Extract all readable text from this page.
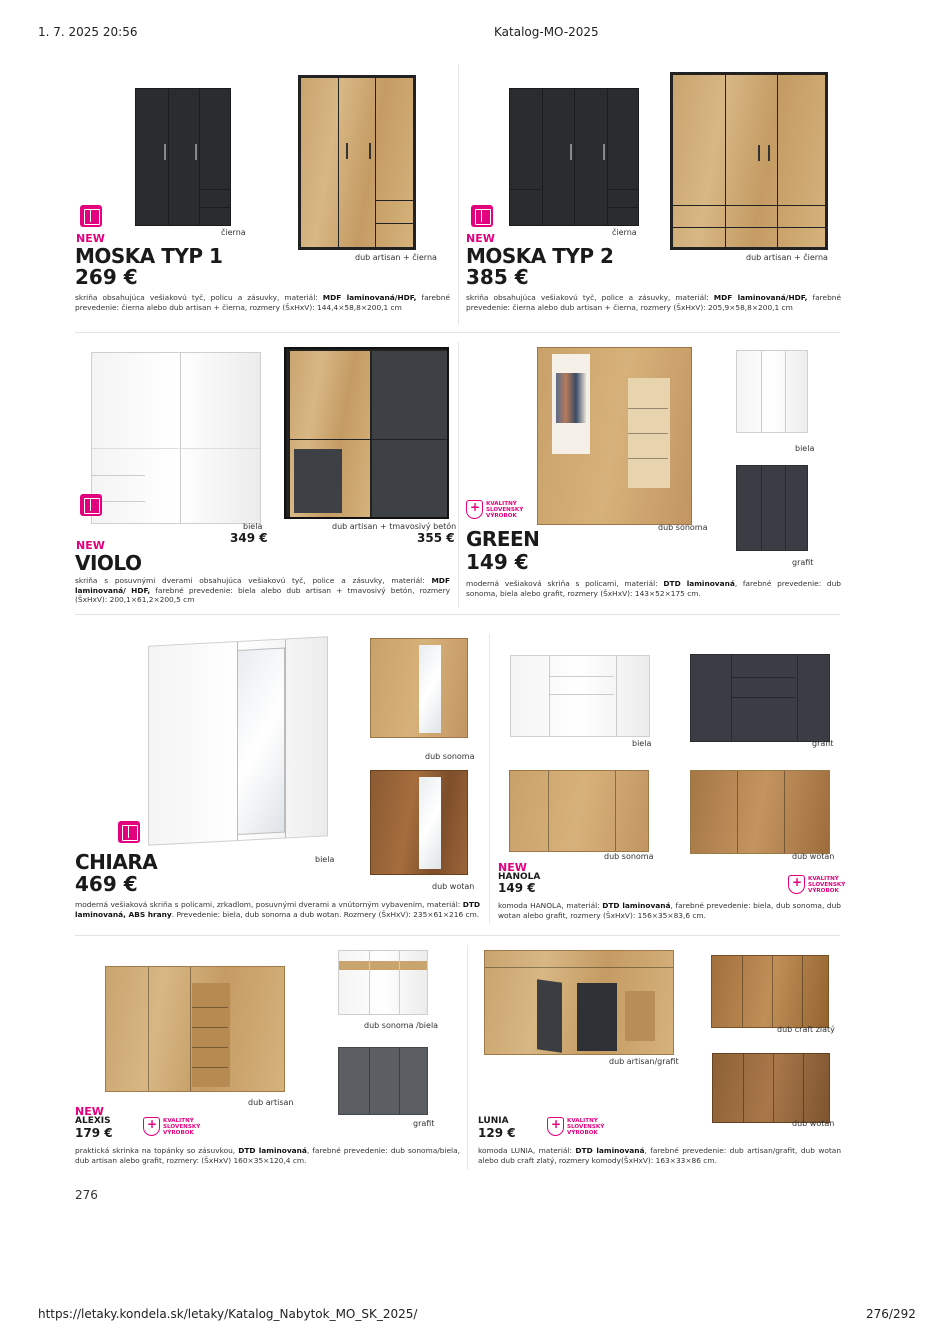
1. 7. 2025 20:56	Katalog-MO-2025
NEW	čierna
dub artisan + čierna
MOSKA TYP 1
269 €
skriňa obsahujúca vešiakovú tyč, policu a zásuvky, materiál: MDF laminovaná/HDF, farebné prevedenie: čierna alebo dub artisan + čierna, rozmery (ŠxHxV): 144,4×58,8×200,1 cm
NEW	čierna
dub artisan + čierna
MOSKA TYP 2
385 €
skriňa obsahujúca vešiakovú tyč, police a zásuvky, materiál: MDF laminovaná/HDF, farebné prevedenie: čierna alebo dub artisan + čierna, rozmery (ŠxHxV): 205,9×58,8×200,1 cm
biela
349 €
dub artisan + tmavosivý betón
355 €
NEW
VIOLO
skriňa s posuvnými dverami obsahujúca vešiakovú tyč, police a zásuvky, materiál: MDF laminovaná/ HDF, farebné prevedenie: biela alebo dub artisan + tmavosivý betón, rozmery (ŠxHxV): 200,1×61,2×200,5 cm
+
KVALITNÝ
SLOVENSKÝ
VÝROBOK
dub sonoma
biela
grafit
GREEN
149 €
moderná vešiaková skriňa s policami, materiál: DTD laminovaná, farebné prevedenie: dub sonoma, biela alebo grafit, rozmery (ŠxHxV): 143×52×175 cm.
dub sonoma
biela
dub wotan
CHIARA
469 €
moderná vešiaková skriňa s policami, zrkadlom, posuvnými dverami a vnútorným vybavením, materiál: DTD laminovaná, ABS hrany. Prevedenie: biela, dub sonoma a dub wotan. Rozmery (ŠxHxV): 235×61×216 cm.
biela	grafit
dub sonoma	dub wotan
NEW
HANOLA
149 €
+
KVALITNÝ
SLOVENSKÝ
VÝROBOK
komoda HANOLA, materiál: DTD laminovaná, farebné prevedenie: biela, dub sonoma, dub wotan alebo grafit, rozmery (ŠxHxV): 156×35×83,6 cm.
dub sonoma /biela
dub artisan
grafit
NEW
ALEXIS
179 €
+
KVALITNÝ
SLOVENSKÝ
VÝROBOK
praktická skrinka na topánky so zásuvkou, DTD laminovaná, farebné prevedenie: dub sonoma/biela, dub artisan alebo grafit, rozmery: (ŠxHxV) 160×35×120,4 cm.
dub craft zlatý
dub artisan/grafit
dub wotan
LUNIA
129 €
+
KVALITNÝ
SLOVENSKÝ
VÝROBOK
komoda LUNIA, materiál: DTD laminovaná, farebné prevedenie: dub artisan/grafit, dub wotan alebo dub craft zlatý, rozmery komody(ŠxHxV): 163×33×86 cm.
276
https://letaky.kondela.sk/letaky/Katalog_Nabytok_MO_SK_2025/	276/292
